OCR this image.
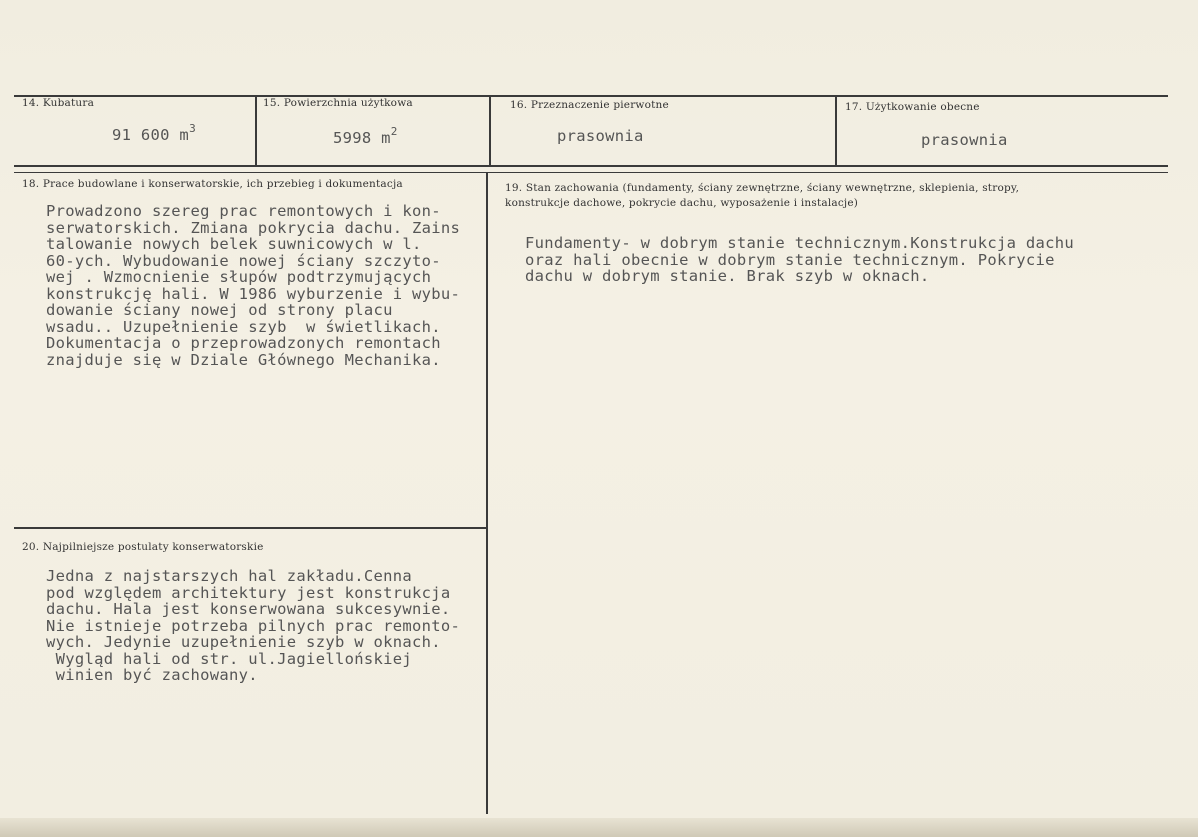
14. Kubatura
91 600 $m^3$
15. Powierzchnia użytkowa
5998 $m^2$
16. Przeznaczenie pierwotne
prasownia
17. Użytkowanie obecne
prasownia
18. Prace budowlane i konserwatorskie, ich przebieg i dokumentacja
Prowadzono szereg prac remontowych i kon-
serwatorskich. Zmiana pokrycia dachu. Zains
talowanie nowych belek suwnicowych w l.
60-ych. Wybudowanie nowej ściany szczyto-
wej . Wzmocnienie słupów podtrzymujących
konstrukcję hali. W 1986 wyburzenie i wybu-
dowanie ściany nowej od strony placu
wsadu.. Uzupełnienie szyb  w świetlikach.
Dokumentacja o przeprowadzonych remontach
znajduje się w Dziale Głównego Mechanika.
19. Stan zachowania (fundamenty, ściany zewnętrzne, ściany wewnętrzne, sklepienia, stropy,
konstrukcje dachowe, pokrycie dachu, wyposażenie i instalacje)
Fundamenty- w dobrym stanie technicznym.Konstrukcja dachu
oraz hali obecnie w dobrym stanie technicznym. Pokrycie
dachu w dobrym stanie. Brak szyb w oknach.
20. Najpilniejsze postulaty konserwatorskie
Jedna z najstarszych hal zakładu.Cenna
pod względem architektury jest konstrukcja
dachu. Hala jest konserwowana sukcesywnie.
Nie istnieje potrzeba pilnych prac remonto-
wych. Jedynie uzupełnienie szyb w oknach.
Wygląd hali od str. ul.Jagiellońskiej
winien być zachowany.
